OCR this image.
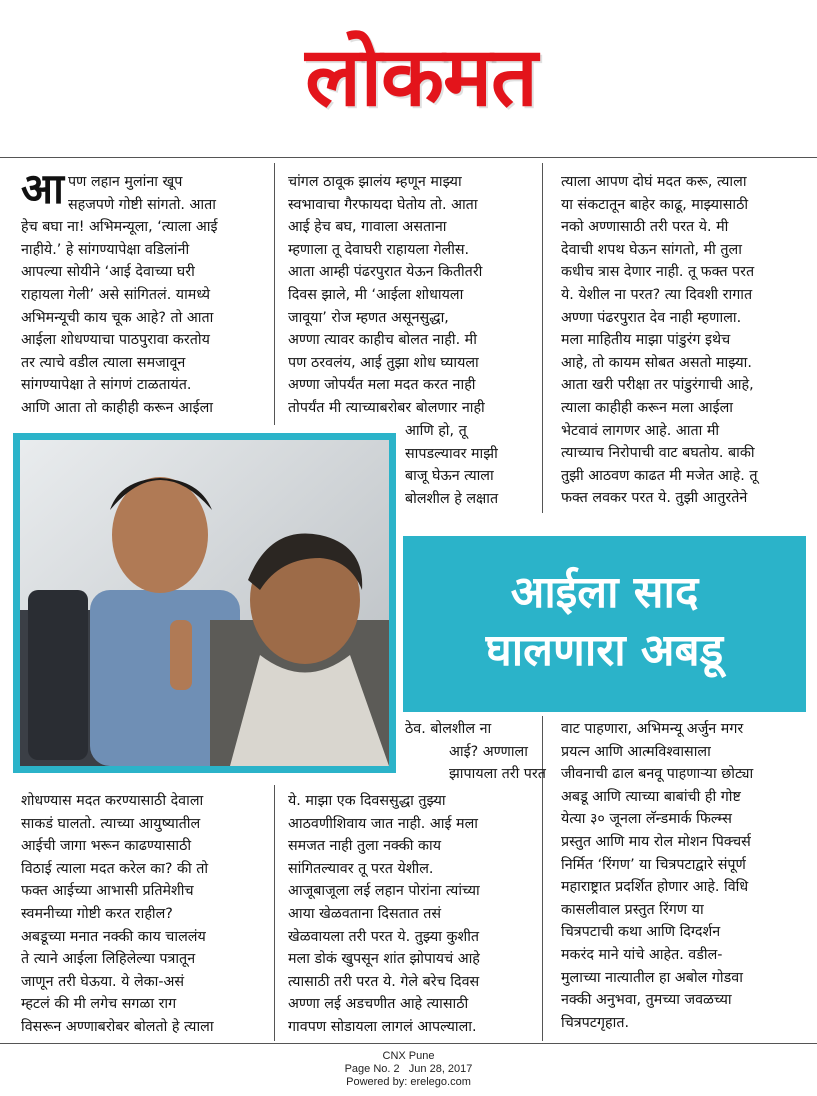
लोकमत
आ पण लहान मुलांना खूप

सहजपणे गोष्टी सांगतो. आता

हेच बघा ना! अभिमन्यूला, ‘त्याला आई

नाहीये.’ हे सांगण्यापेक्षा वडिलांनी

आपल्या सोयीने ‘आई देवाच्या घरी

राहायला गेली’ असे सांगितलं. यामध्ये

अभिमन्यूची काय चूक आहे? तो आता

आईला शोधण्याचा पाठपुरावा करतोय

तर त्याचे वडील त्याला समजावून

सांगण्यापेक्षा ते सांगणं टाळतायंत.

आणि आता तो काहीही करून आईला

चांगल ठावूक झालंय म्हणून माझ्या

स्वभावाचा गैरफायदा घेतोय तो. आता

आई हेच बघ, गावाला असताना

म्हणाला तू देवाघरी राहायला गेलीस.

आता आम्ही पंढरपुरात येऊन कितीतरी

दिवस झाले, मी ‘आईला शोधायला

जावूया’ रोज म्हणत असूनसुद्धा,

अण्णा त्यावर काहीच बोलत नाही. मी

पण ठरवलंय, आई तुझा शोध घ्यायला

अण्णा जोपर्यंत मला मदत करत नाही

तोपर्यंत मी त्याच्याबरोबर बोलणार नाही

आणि हो, तू

सापडल्यावर माझी

बाजू घेऊन त्याला

बोलशील हे लक्षात

त्याला आपण दोघं मदत करू, त्याला

या संकटातून बाहेर काढू, माझ्यासाठी

नको अण्णासाठी तरी परत ये. मी

देवाची शपथ घेऊन सांगतो, मी तुला

कधीच त्रास देणार नाही. तू फक्त परत

ये. येशील ना परत? त्या दिवशी रागात

अण्णा पंढरपुरात देव नाही म्हणाला.

मला माहितीय माझा पांडुरंग इथेच

आहे, तो कायम सोबत असतो माझ्या.

आता खरी परीक्षा तर पांडुरंगाची आहे,

त्याला काहीही करून मला आईला

भेटवावं लागणर आहे. आता मी

त्याच्याच निरोपाची वाट बघतोय. बाकी

तुझी आठवण काढत मी मजेत आहे. तू

फक्त लवकर परत ये. तुझी आतुरतेने

आईला साद
घालणारा अबडू

ठेव. बोलशील ना

आई? अण्णाला

झापायला तरी परत

वाट पाहणारा, अभिमन्यू अर्जुन मगर

प्रयत्न आणि आत्मविश्वासाला

जीवनाची ढाल बनवू पाहणाऱ्या छोट्या

अबडू आणि त्याच्या बाबांची ही गोष्ट

येत्या ३० जूनला लॅन्डमार्क फिल्म्स

प्रस्तुत आणि माय रोल मोशन पिक्चर्स

निर्मित ‘रिंगण’ या चित्रपटाद्वारे संपूर्ण

महाराष्ट्रात प्रदर्शित होणार आहे. विधि

कासलीवाल प्रस्तुत रिंगण या

चित्रपटाची कथा आणि दिग्दर्शन

मकरंद माने यांचे आहेत. वडील-

मुलाच्या नात्यातील हा अबोल गोडवा

नक्की अनुभवा, तुमच्या जवळच्या

चित्रपटगृहात.

शोधण्यास मदत करण्यासाठी देवाला

साकडं घालतो. त्याच्या आयुष्यातील

आईची जागा भरून काढण्यासाठी

विठाई त्याला मदत करेल का? की तो

फक्त आईच्या आभासी प्रतिमेशीच

स्वमनीच्या गोष्टी करत राहील?

अबडूच्या मनात नक्की काय चाललंय

ते त्याने आईला लिहिलेल्या पत्रातून

जाणून तरी घेऊया. ये लेका-असं

म्हटलं की मी लगेच सगळा राग

विसरून अण्णाबरोबर बोलतो हे त्याला

ये. माझा एक दिवससुद्धा तुझ्या

आठवणीशिवाय जात नाही. आई मला

समजत नाही तुला नक्की काय

सांगितल्यावर तू परत येशील.

आजूबाजूला लई लहान पोरांना त्यांच्या

आया खेळवताना दिसतात तसं

खेळवायला तरी परत ये. तुझ्या कुशीत

मला डोकं खुपसून शांत झोपायचं आहे

त्यासाठी तरी परत ये. गेले बरेच दिवस

अण्णा लई अडचणीत आहे त्यासाठी

गावपण सोडायला लागलं आपल्याला.

CNX Pune
Page No. 2 Jun 28, 2017
Powered by: erelego.com
